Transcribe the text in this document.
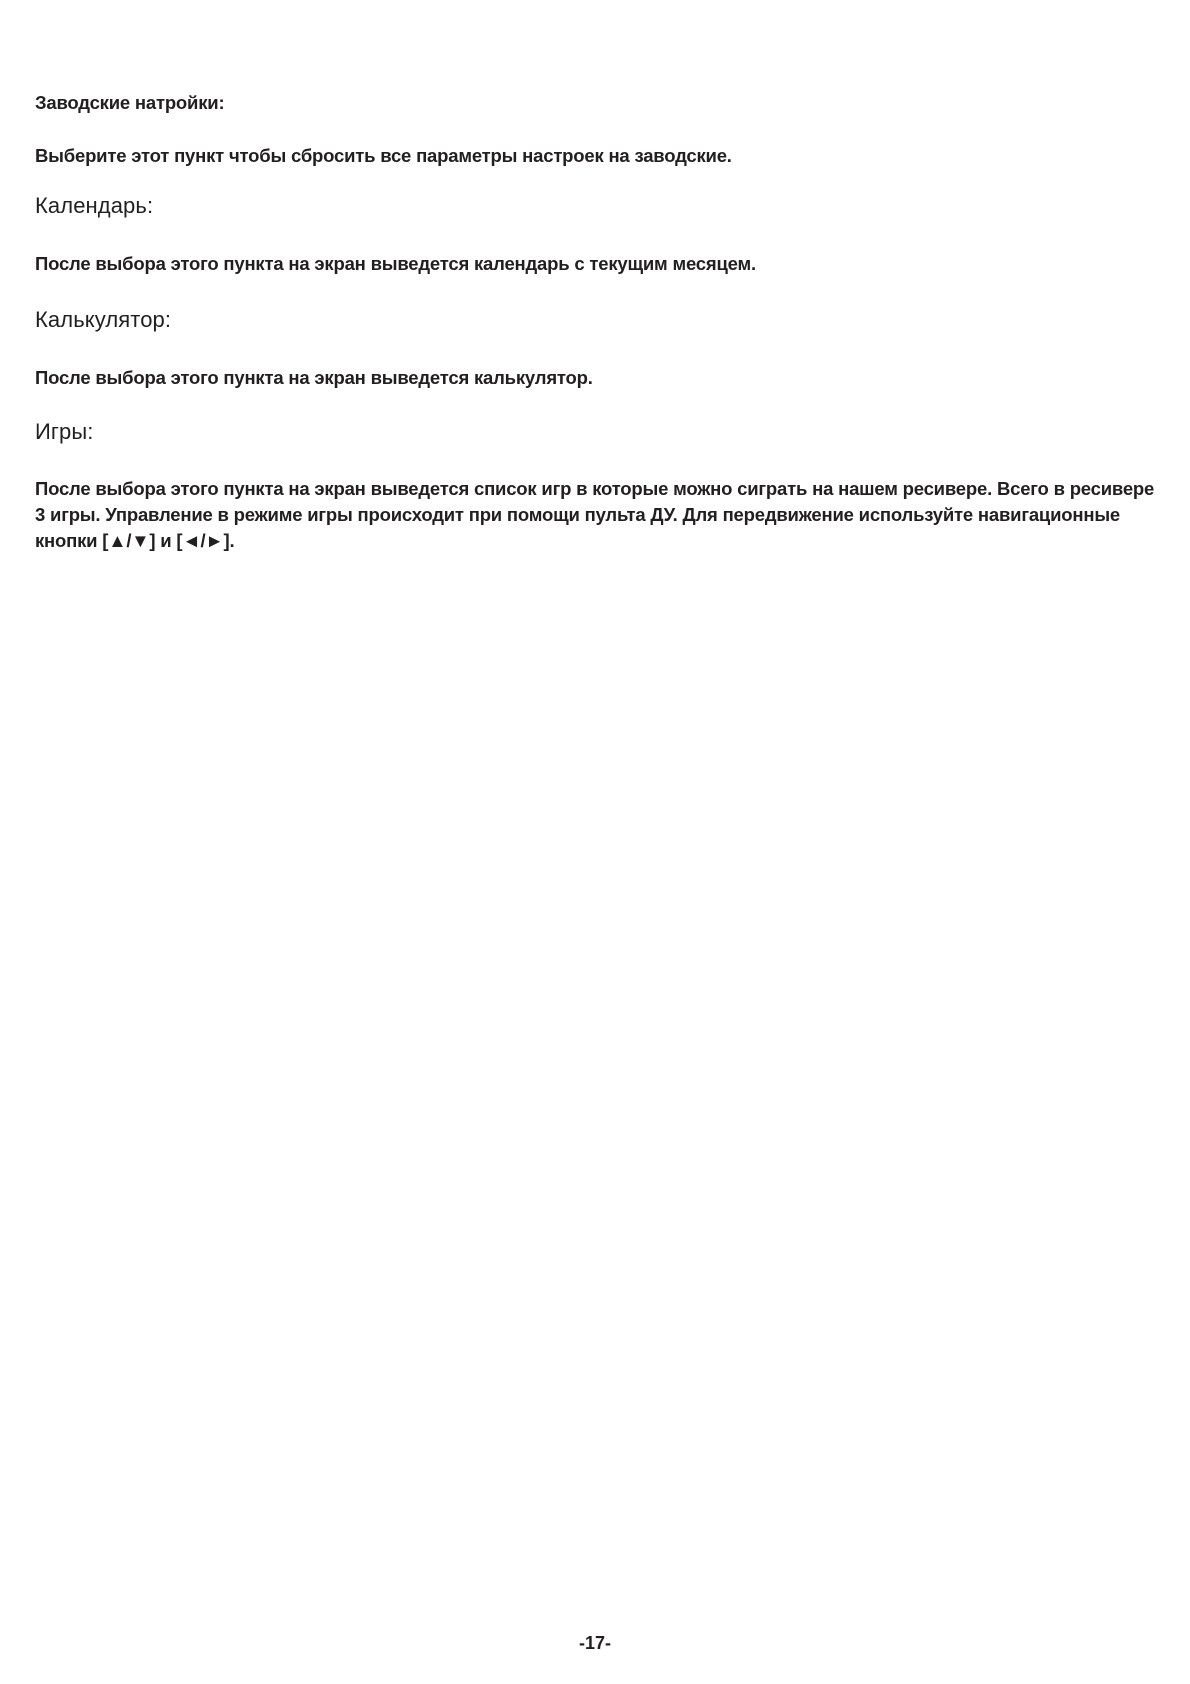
Заводские натройки:

Выберите этот пункт чтобы сбросить все параметры настроек на заводские.

Календарь:

После выбора этого пункта на экран выведется календарь с текущим месяцем.

Калькулятор:

После выбора этого пункта на экран выведется калькулятор.

Игры:
После выбора этого пункта на экран выведется список игр в которые можно сиграть на нашем ресивере. Всего в ресивере
3 игры. Управление в режиме игры происходит при помощи пульта ДУ. Для передвижение используйте навигационные
кнопки [▲/▼] и [◄/►].
-17-
